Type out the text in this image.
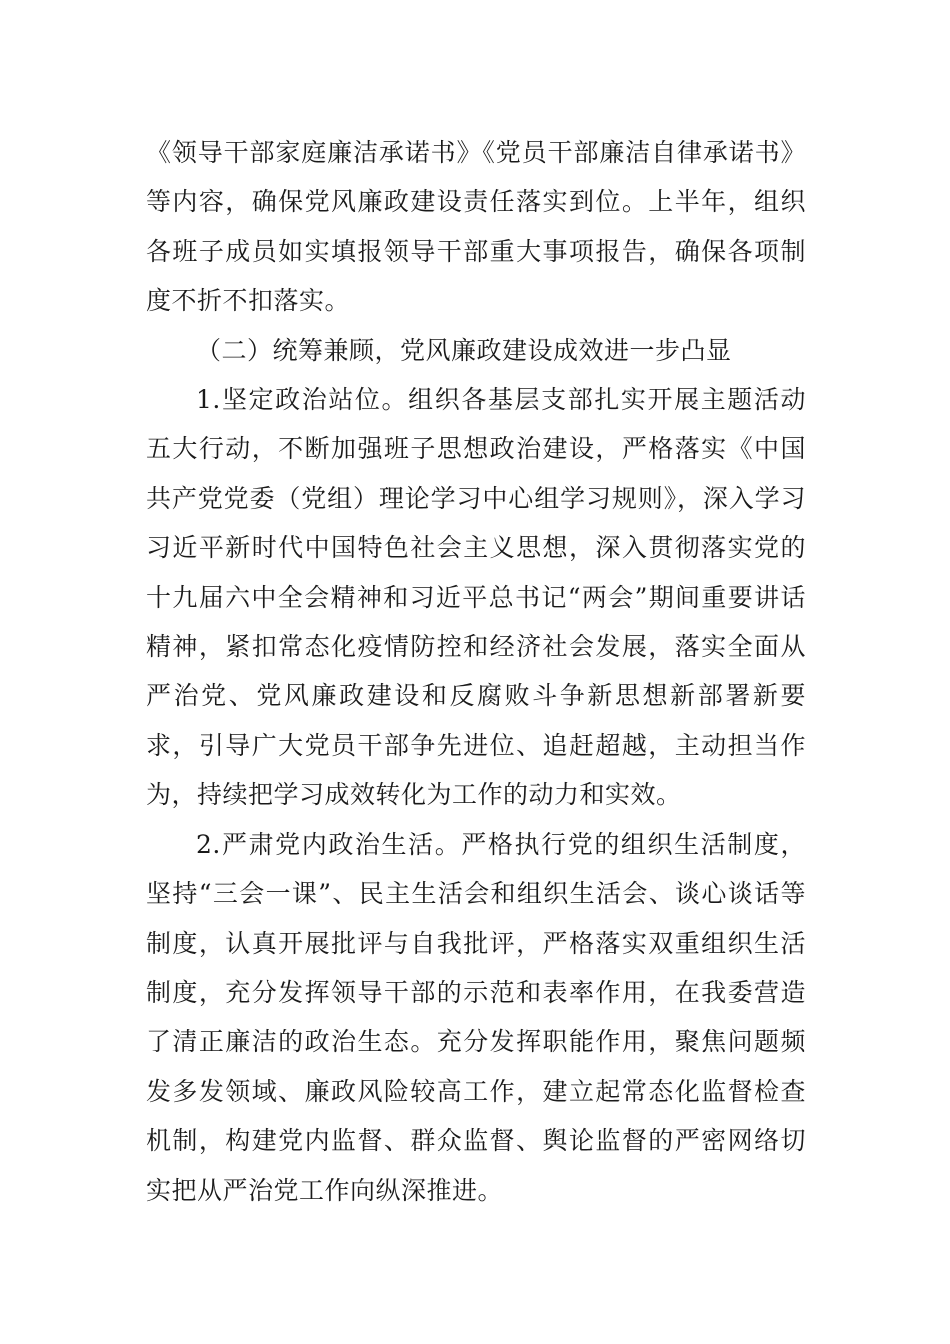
《领导干部家庭廉洁承诺书》《党员干部廉洁自律承诺书》等内容，确保党风廉政建设责任落实到位。上半年，组织各班子成员如实填报领导干部重大事项报告，确保各项制度不折不扣落实。

（二）统筹兼顾，党风廉政建设成效进一步凸显

1.坚定政治站位。组织各基层支部扎实开展主题活动五大行动，不断加强班子思想政治建设，严格落实《中国共产党党委（党组）理论学习中心组学习规则》，深入学习习近平新时代中国特色社会主义思想，深入贯彻落实党的十九届六中全会精神和习近平总书记“两会”期间重要讲话精神，紧扣常态化疫情防控和经济社会发展，落实全面从严治党、党风廉政建设和反腐败斗争新思想新部署新要求，引导广大党员干部争先进位、追赶超越，主动担当作为，持续把学习成效转化为工作的动力和实效。

2.严肃党内政治生活。严格执行党的组织生活制度，坚持“三会一课”、民主生活会和组织生活会、谈心谈话等制度，认真开展批评与自我批评，严格落实双重组织生活制度，充分发挥领导干部的示范和表率作用，在我委营造了清正廉洁的政治生态。充分发挥职能作用，聚焦问题频发多发领域、廉政风险较高工作，建立起常态化监督检查机制，构建党内监督、群众监督、舆论监督的严密网络切实把从严治党工作向纵深推进。
